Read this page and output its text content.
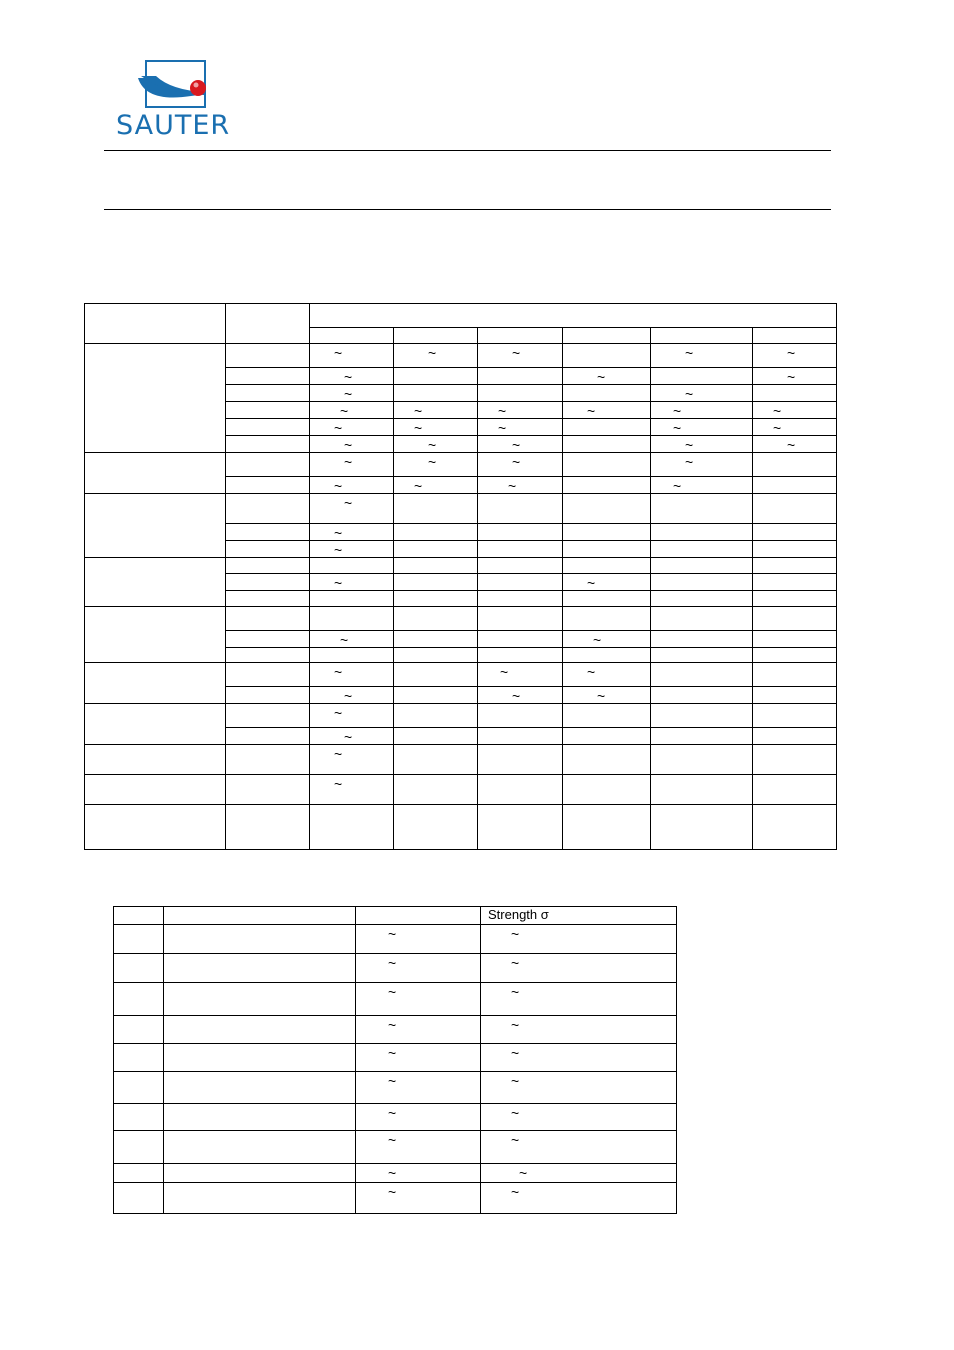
SAUTER

		~	~	~		~	~
		~			~		~
		~				~	
		~	~	~	~	~	~
		~	~	~		~	~
		~	~	~		~	~
		~	~	~		~	
		~	~	~		~	
		~					
		~					
		~					

		~			~		

		~			~		

		~		~	~		
		~		~	~		
		~					
		~					
		~					
		~					

			Strength σ
		~	~
		~	~
		~	~
		~	~
		~	~
		~	~
		~	~
		~	~
		~	~
		~	~
